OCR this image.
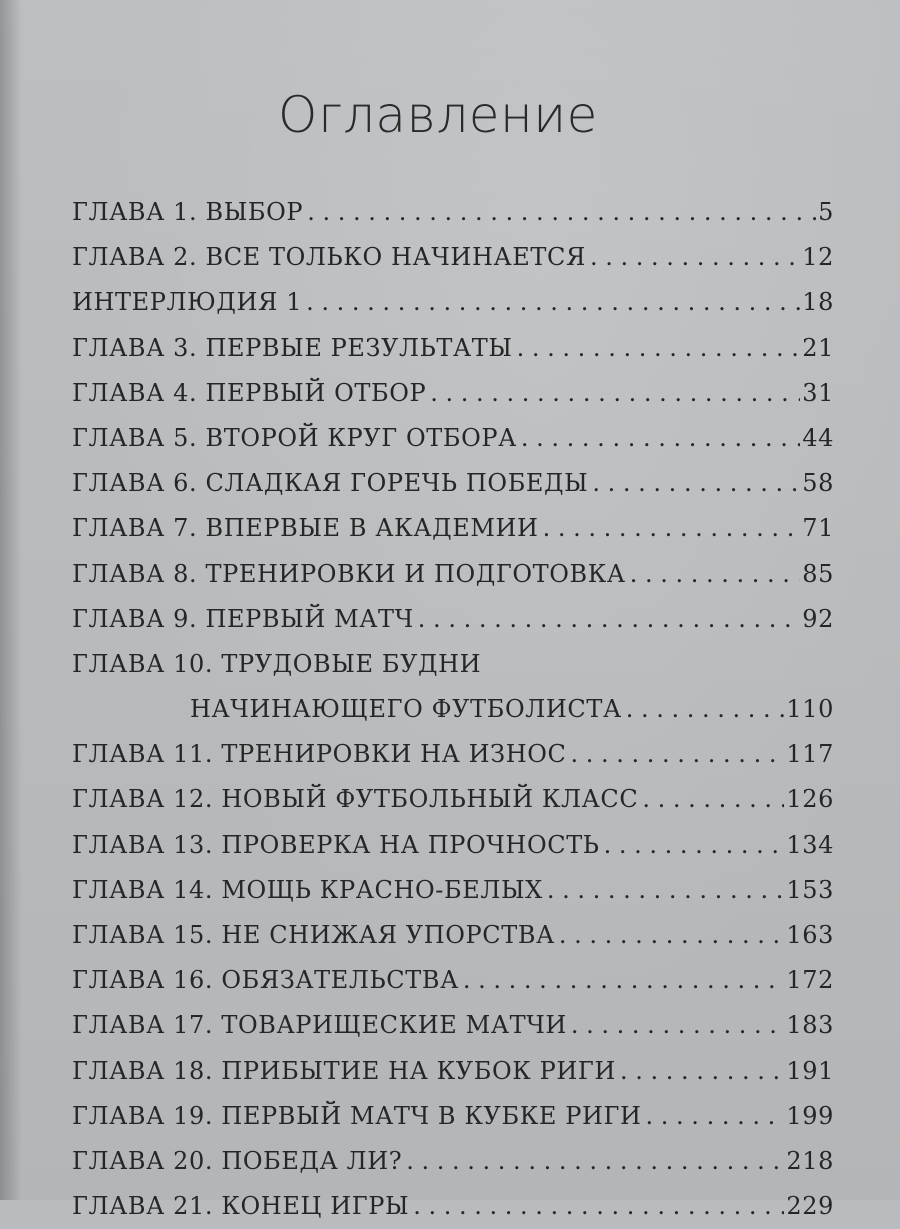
Оглавление
ГЛАВА 1. ВЫБОР . . .	5
ГЛАВА 2. ВСЕ ТОЛЬКО НАЧИНАЕТСЯ . . .	12
ИНТЕРЛЮДИЯ 1 . . .	18
ГЛАВА 3. ПЕРВЫЕ РЕЗУЛЬТАТЫ . . .	21
ГЛАВА 4. ПЕРВЫЙ ОТБОР . . .	31
ГЛАВА 5. ВТОРОЙ КРУГ ОТБОРА . . .	44
ГЛАВА 6. СЛАДКАЯ ГОРЕЧЬ ПОБЕДЫ . . .	58
ГЛАВА 7. ВПЕРВЫЕ В АКАДЕМИИ . . .	71
ГЛАВА 8. ТРЕНИРОВКИ И ПОДГОТОВКА . . .	85
ГЛАВА 9. ПЕРВЫЙ МАТЧ . . .	92
ГЛАВА 10. ТРУДОВЫЕ БУДНИ
НАЧИНАЮЩЕГО ФУТБОЛИСТА . . .	110
ГЛАВА 11. ТРЕНИРОВКИ НА ИЗНОС . . .	117
ГЛАВА 12. НОВЫЙ ФУТБОЛЬНЫЙ КЛАСС . . .	126
ГЛАВА 13. ПРОВЕРКА НА ПРОЧНОСТЬ . . .	134
ГЛАВА 14. МОЩЬ КРАСНО-БЕЛЫХ . . .	153
ГЛАВА 15. НЕ СНИЖАЯ УПОРСТВА . . .	163
ГЛАВА 16. ОБЯЗАТЕЛЬСТВА . . .	172
ГЛАВА 17. ТОВАРИЩЕСКИЕ МАТЧИ . . .	183
ГЛАВА 18. ПРИБЫТИЕ НА КУБОК РИГИ . . .	191
ГЛАВА 19. ПЕРВЫЙ МАТЧ В КУБКЕ РИГИ . . .	199
ГЛАВА 20. ПОБЕДА ЛИ? . . .	218
ГЛАВА 21. КОНЕЦ ИГРЫ . . .	229
